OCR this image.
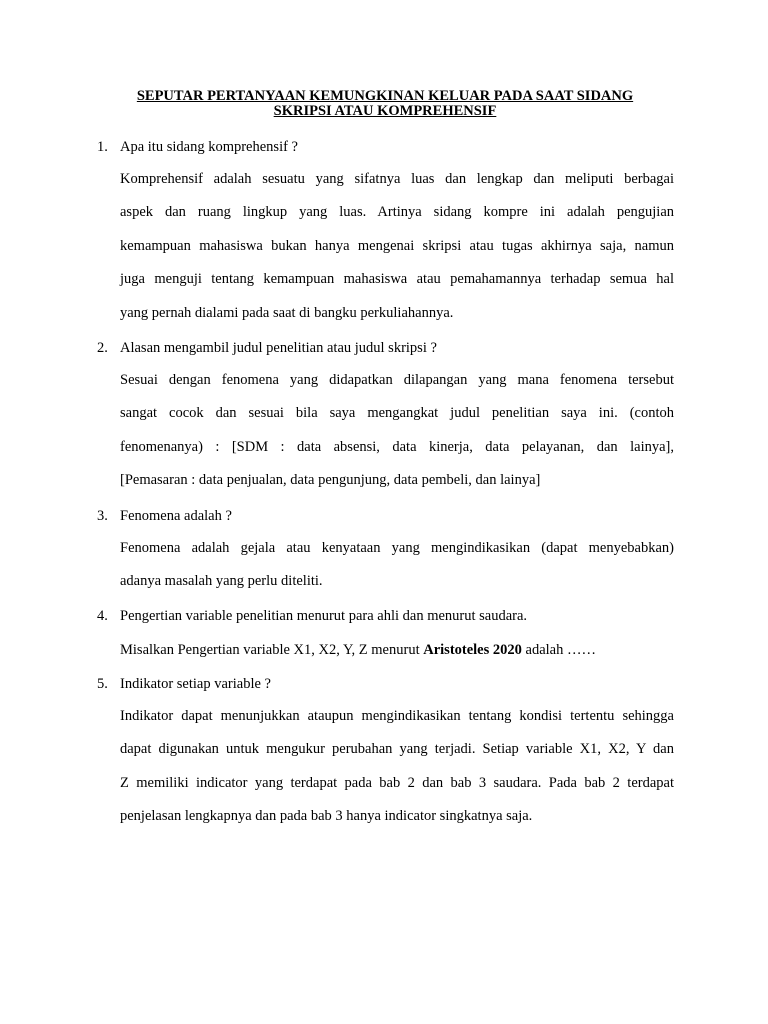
SEPUTAR PERTANYAAN KEMUNGKINAN KELUAR PADA SAAT SIDANG
SKRIPSI ATAU KOMPREHENSIF
1. Apa itu sidang komprehensif ?
Komprehensif adalah sesuatu yang sifatnya luas dan lengkap dan meliputi berbagai
aspek dan ruang lingkup yang luas. Artinya sidang kompre ini adalah pengujian
kemampuan mahasiswa bukan hanya mengenai skripsi atau tugas akhirnya saja, namun
juga menguji tentang kemampuan mahasiswa atau pemahamannya terhadap semua hal
yang pernah dialami pada saat di bangku perkuliahannya.
2. Alasan mengambil judul penelitian atau judul skripsi ?
Sesuai dengan fenomena yang didapatkan dilapangan yang mana fenomena tersebut
sangat cocok dan sesuai bila saya mengangkat judul penelitian saya ini. (contoh
fenomenanya) : [SDM : data absensi, data kinerja, data pelayanan, dan lainya],
[Pemasaran : data penjualan, data pengunjung, data pembeli, dan lainya]
3. Fenomena adalah ?
Fenomena adalah gejala atau kenyataan yang mengindikasikan (dapat menyebabkan)
adanya masalah yang perlu diteliti.
4. Pengertian variable penelitian menurut para ahli dan menurut saudara.
Misalkan Pengertian variable X1, X2, Y, Z menurut Aristoteles 2020 adalah ……
5. Indikator setiap variable ?
Indikator dapat menunjukkan ataupun mengindikasikan tentang kondisi tertentu sehingga
dapat digunakan untuk mengukur perubahan yang terjadi. Setiap variable X1, X2, Y dan
Z memiliki indicator yang terdapat pada bab 2 dan bab 3 saudara. Pada bab 2 terdapat
penjelasan lengkapnya dan pada bab 3 hanya indicator singkatnya saja.
